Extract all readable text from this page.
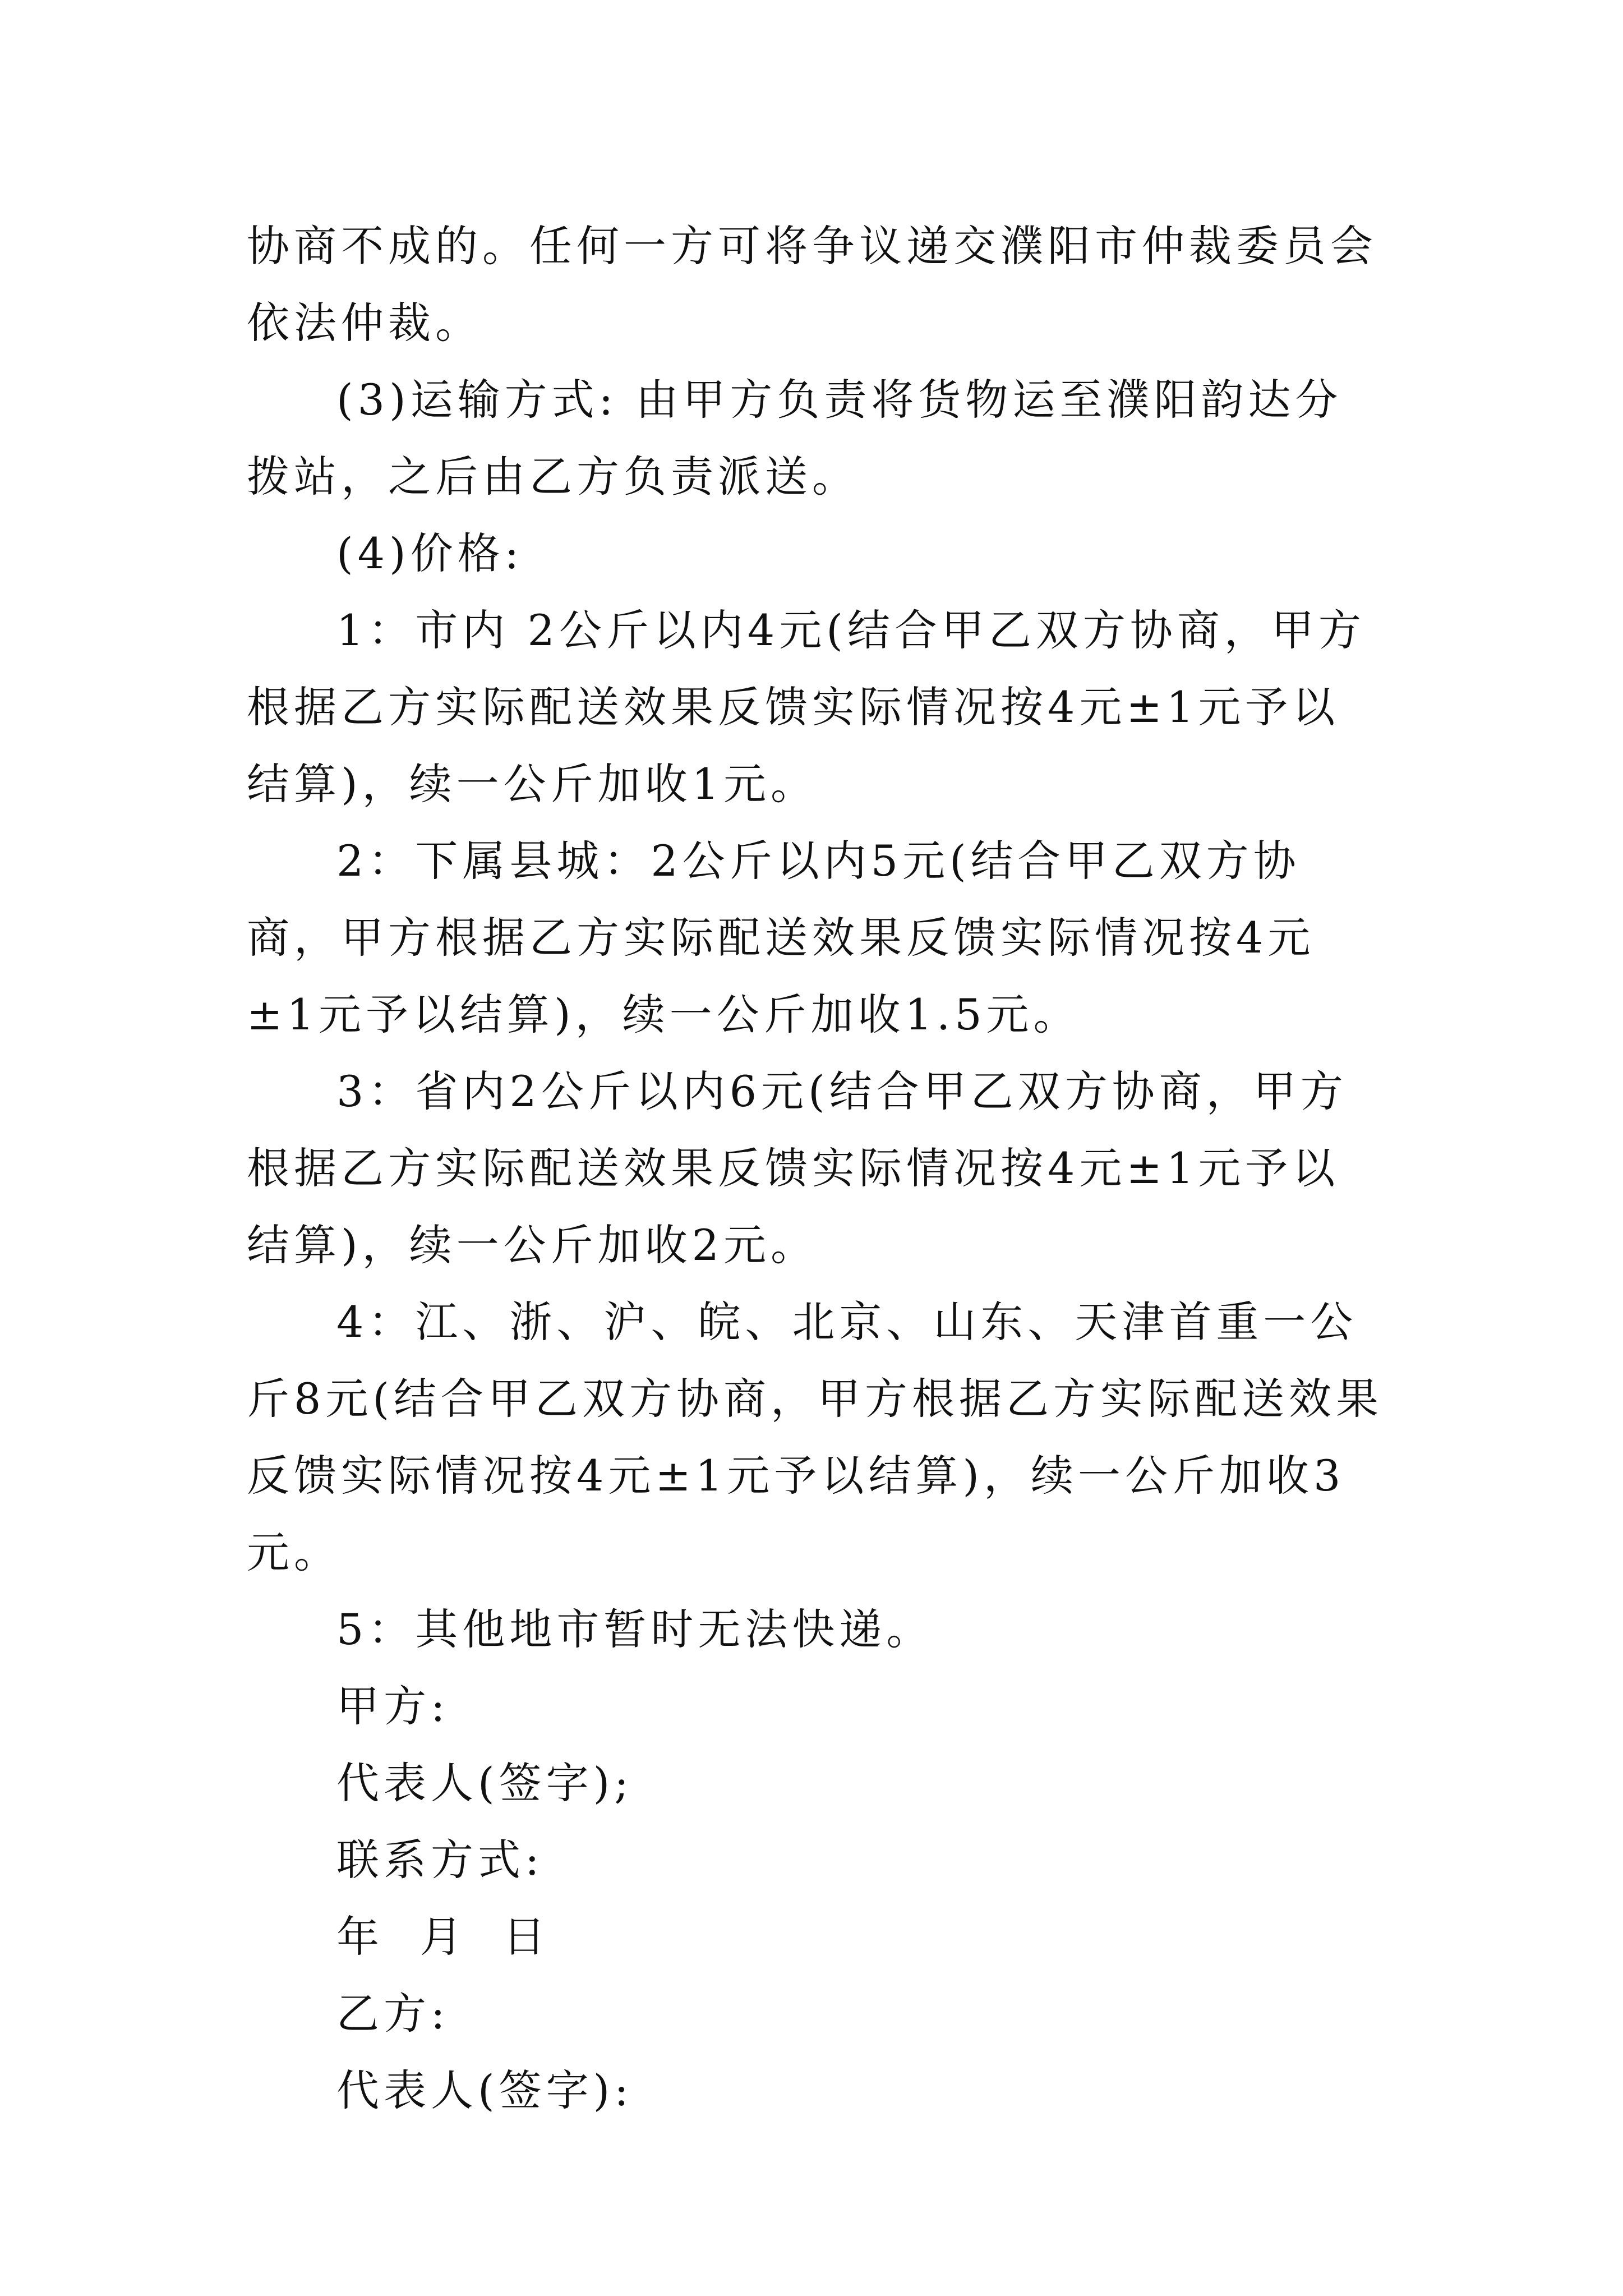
协商不成的。任何一方可将争议递交濮阳市仲裁委员会依法仲裁。

(3)运输方式: 由甲方负责将货物运至濮阳韵达分拨站，之后由乙方负责派送。

(4)价格:

1：市内 2公斤以内4元(结合甲乙双方协商，甲方根据乙方实际配送效果反馈实际情况按4元±1元予以结算)，续一公斤加收1元。

2：下属县城：2公斤以内5元(结合甲乙双方协商，甲方根据乙方实际配送效果反馈实际情况按4元±1元予以结算)，续一公斤加收1.5元。

3：省内2公斤以内6元(结合甲乙双方协商，甲方根据乙方实际配送效果反馈实际情况按4元±1元予以结算)，续一公斤加收2元。

4：江、浙、沪、皖、北京、山东、天津首重一公斤8元(结合甲乙双方协商，甲方根据乙方实际配送效果反馈实际情况按4元±1元予以结算)，续一公斤加收3元。

5：其他地市暂时无法快递。

甲方:

代表人(签字);

联系方式:

年  月  日

乙方:

代表人(签字):
